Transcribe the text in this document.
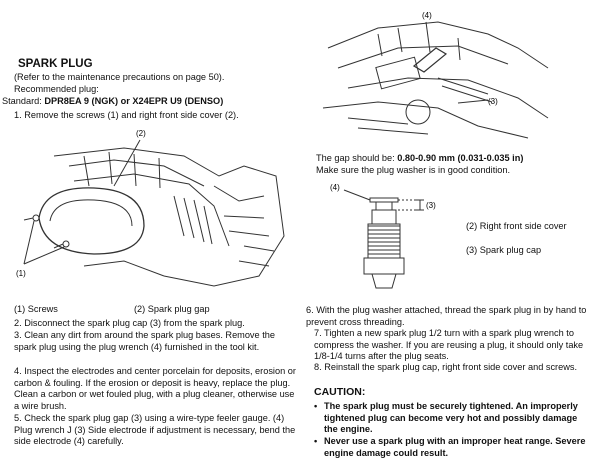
SPARK PLUG
(Refer to the maintenance precautions on page 50).
Recommended plug:
Standard: DPR8EA 9 (NGK) or X24EPR U9 (DENSO)
1. Remove the screws (1) and right front side cover (2).
(2)
(1)
(1) Screws	(2) Spark plug gap
2. Disconnect the spark plug cap (3) from the spark plug.
3. Clean any dirt from around the spark plug bases. Remove the spark plug using the plug wrench (4) furnished in the tool kit.
4. Inspect the electrodes and center porcelain for deposits, erosion or carbon & fouling. If the erosion or deposit is heavy, replace the plug. Clean a carbon or wet fouled plug, with a plug cleaner, otherwise use a wire brush.
5. Check the spark plug gap (3) using a wire-type feeler gauge. (4) Plug wrench J (3) Side electrode if adjustment is necessary, bend the side electrode (4) carefully.
(4)
(3)
The gap should be: 0.80-0.90 mm (0.031-0.035 in)
Make sure the plug washer is in good condition.
(4)
(3)
(2) Right front side cover
(3) Spark plug cap
6. With the plug washer attached, thread the spark plug in by hand to prevent cross threading.
7. Tighten a new spark plug 1/2 turn with a spark plug wrench to compress the washer. If you are reusing a plug, it should only take 1/8-1/4 turns after the plug seats.
8. Reinstall the spark plug cap, right front side cover and screws.
CAUTION:
• The spark plug must be securely tightened. An improperly tightened plug can become very hot and possibly damage the engine.
• Never use a spark plug with an improper heat range. Severe engine damage could result.
